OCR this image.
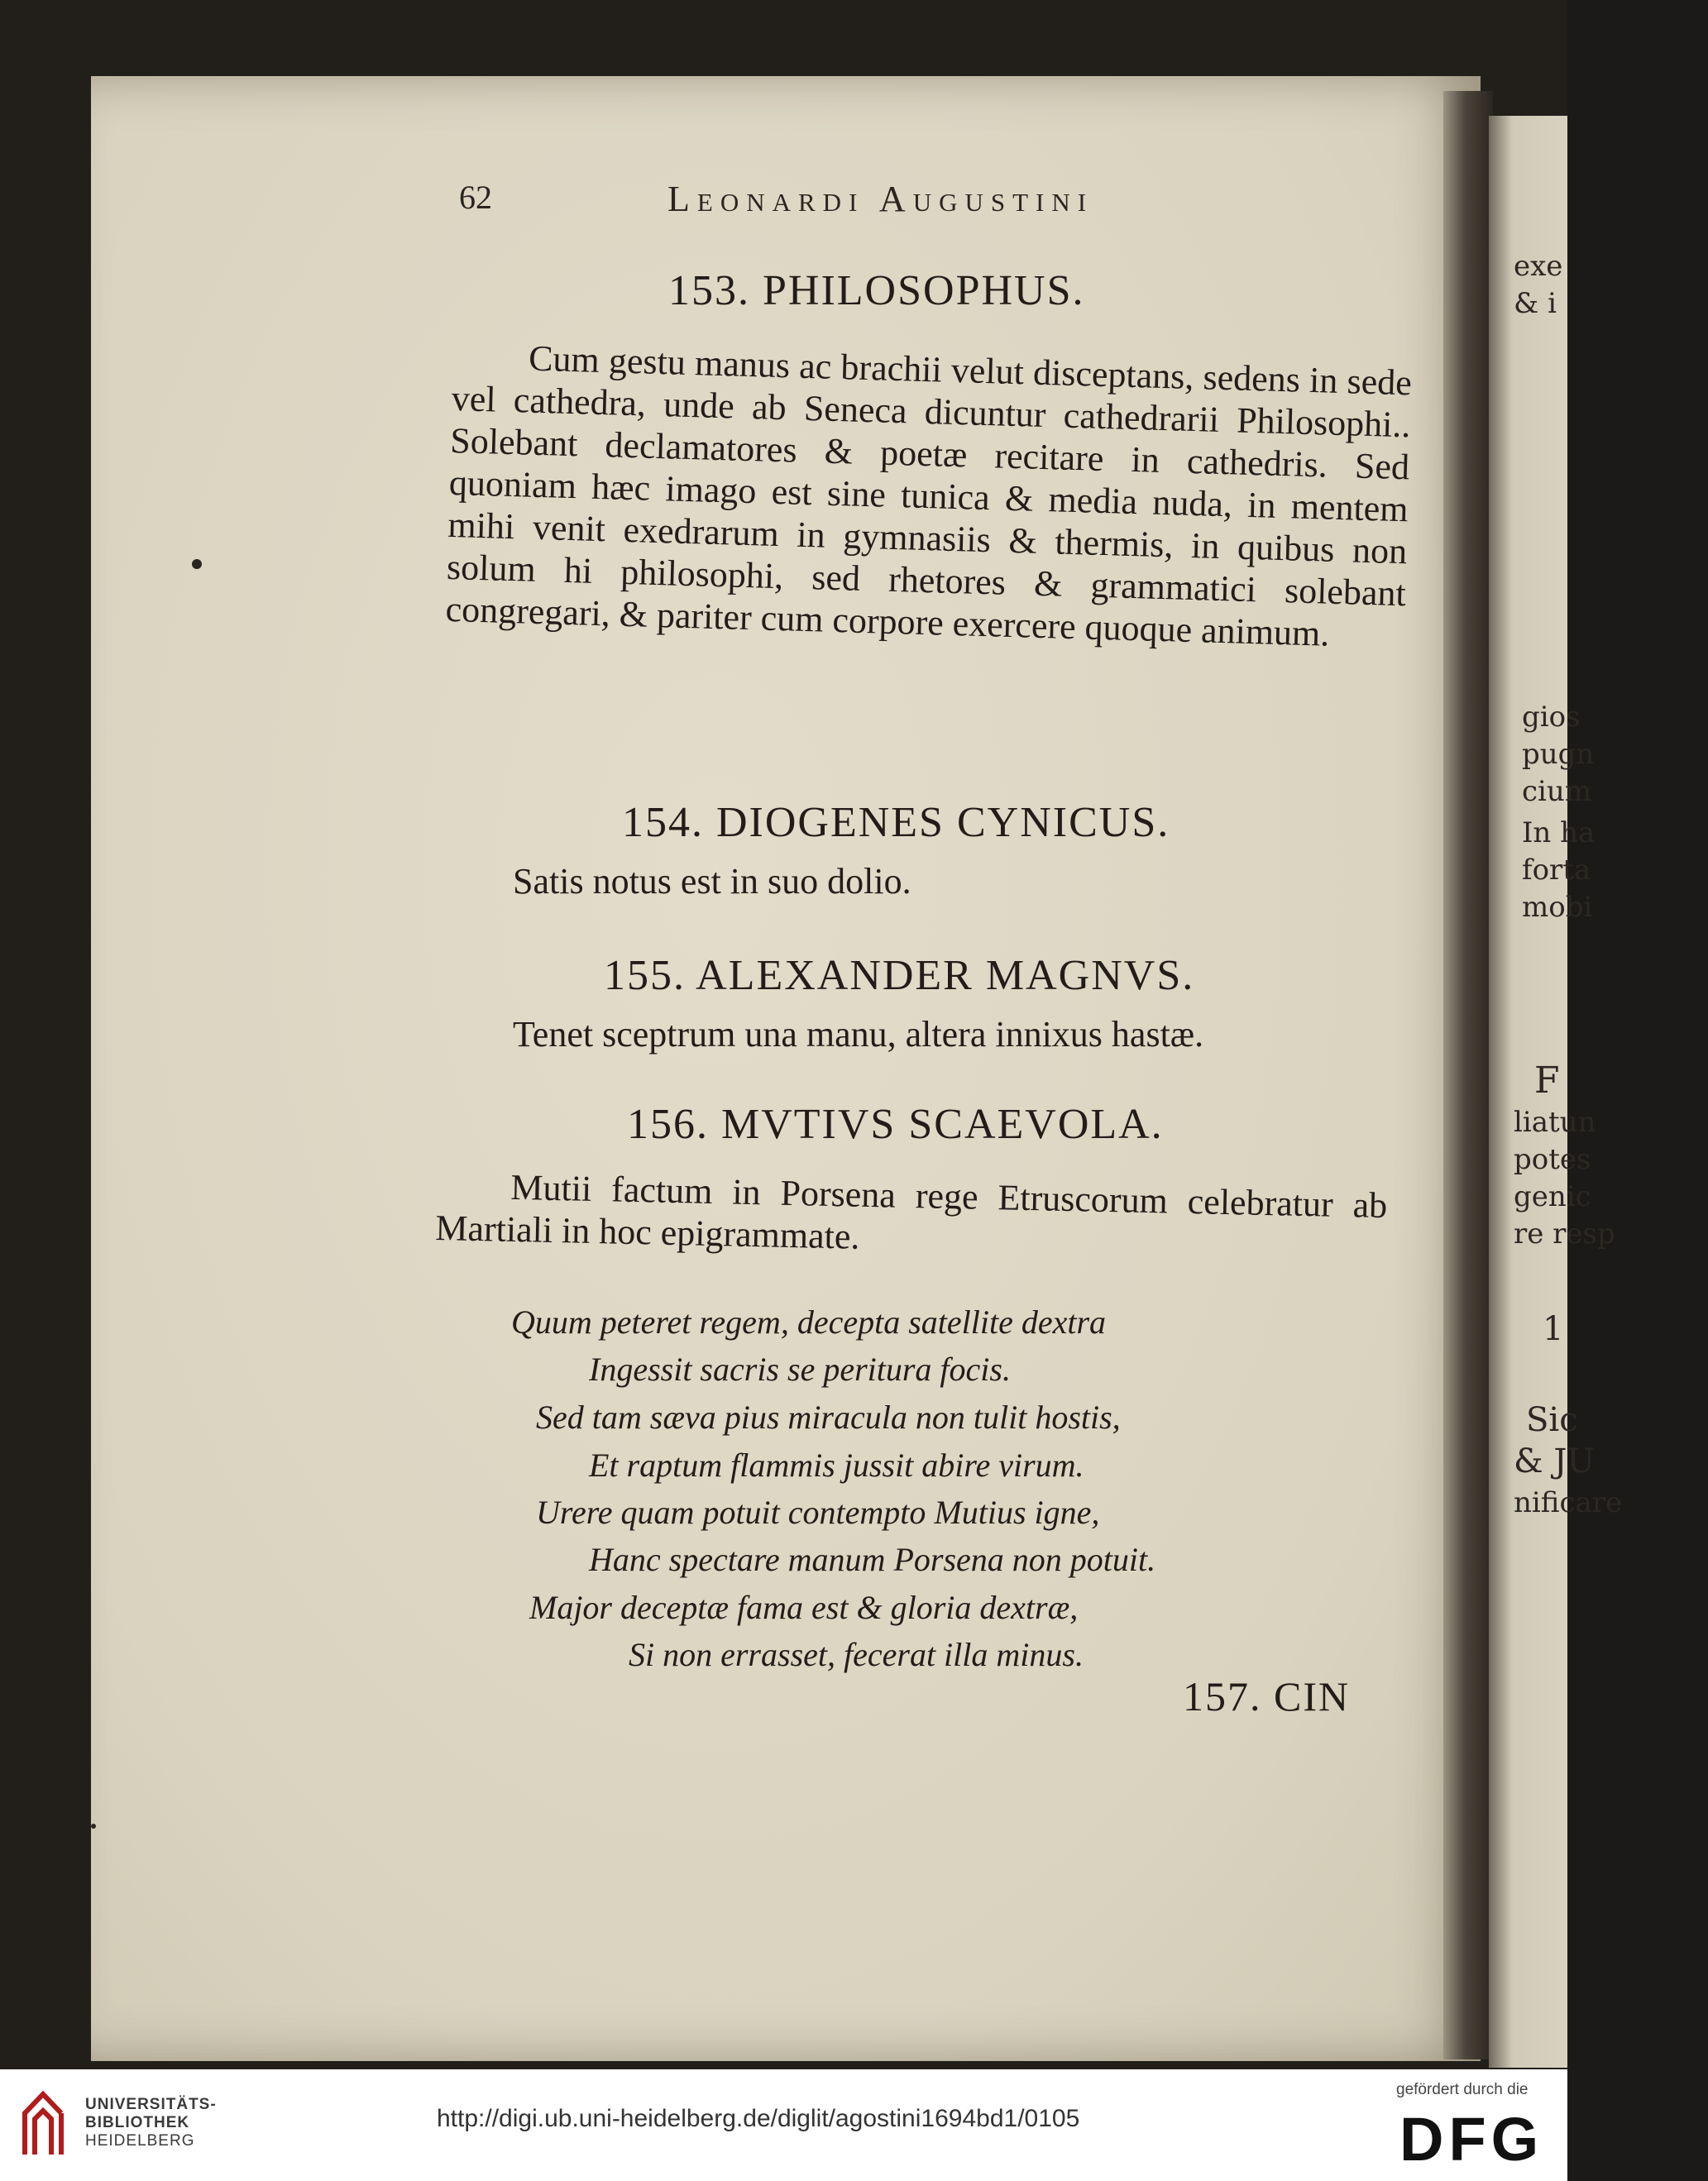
exe
& i
gios
pugn
cium
In ha
forta
mobi
F
liatun
potes
genic
re resp
1
Sic
& JU
nificare
62	Leonardi Augustini
153. PHILOSOPHUS.
Cum gestu manus ac brachii velut disceptans, sedens in sede vel cathedra, unde ab Seneca dicuntur cathedrarii Philosophi.. Solebant declamatores & poetæ recitare in cathedris. Sed quoniam hæc imago est sine tunica & media nuda, in mentem mihi venit exedrarum in gymnasiis & thermis, in quibus non solum hi philosophi, sed rhetores & grammatici solebant congregari, & pariter cum corpore exercere quoque animum.
154. DIOGENES CYNICUS.
Satis notus est in suo dolio.
155. ALEXANDER MAGNVS.
Tenet sceptrum una manu, altera innixus hastæ.
156. MVTIVS SCAEVOLA.
Mutii factum in Porsena rege Etruscorum celebratur ab Martiali in hoc epigrammate.
Quum peteret regem, decepta satellite dextra
Ingessit sacris se peritura focis.
Sed tam sæva pius miracula non tulit hostis,
Et raptum flammis jussit abire virum.
Urere quam potuit contempto Mutius igne,
Hanc spectare manum Porsena non potuit.
Major deceptæ fama est & gloria dextræ,
Si non errasset, fecerat illa minus.
157. CIN
UNIVERSITÄTS-
BIBLIOTHEK
HEIDELBERG
http://digi.ub.uni-heidelberg.de/diglit/agostini1694bd1/0105
gefördert durch die
DFG
